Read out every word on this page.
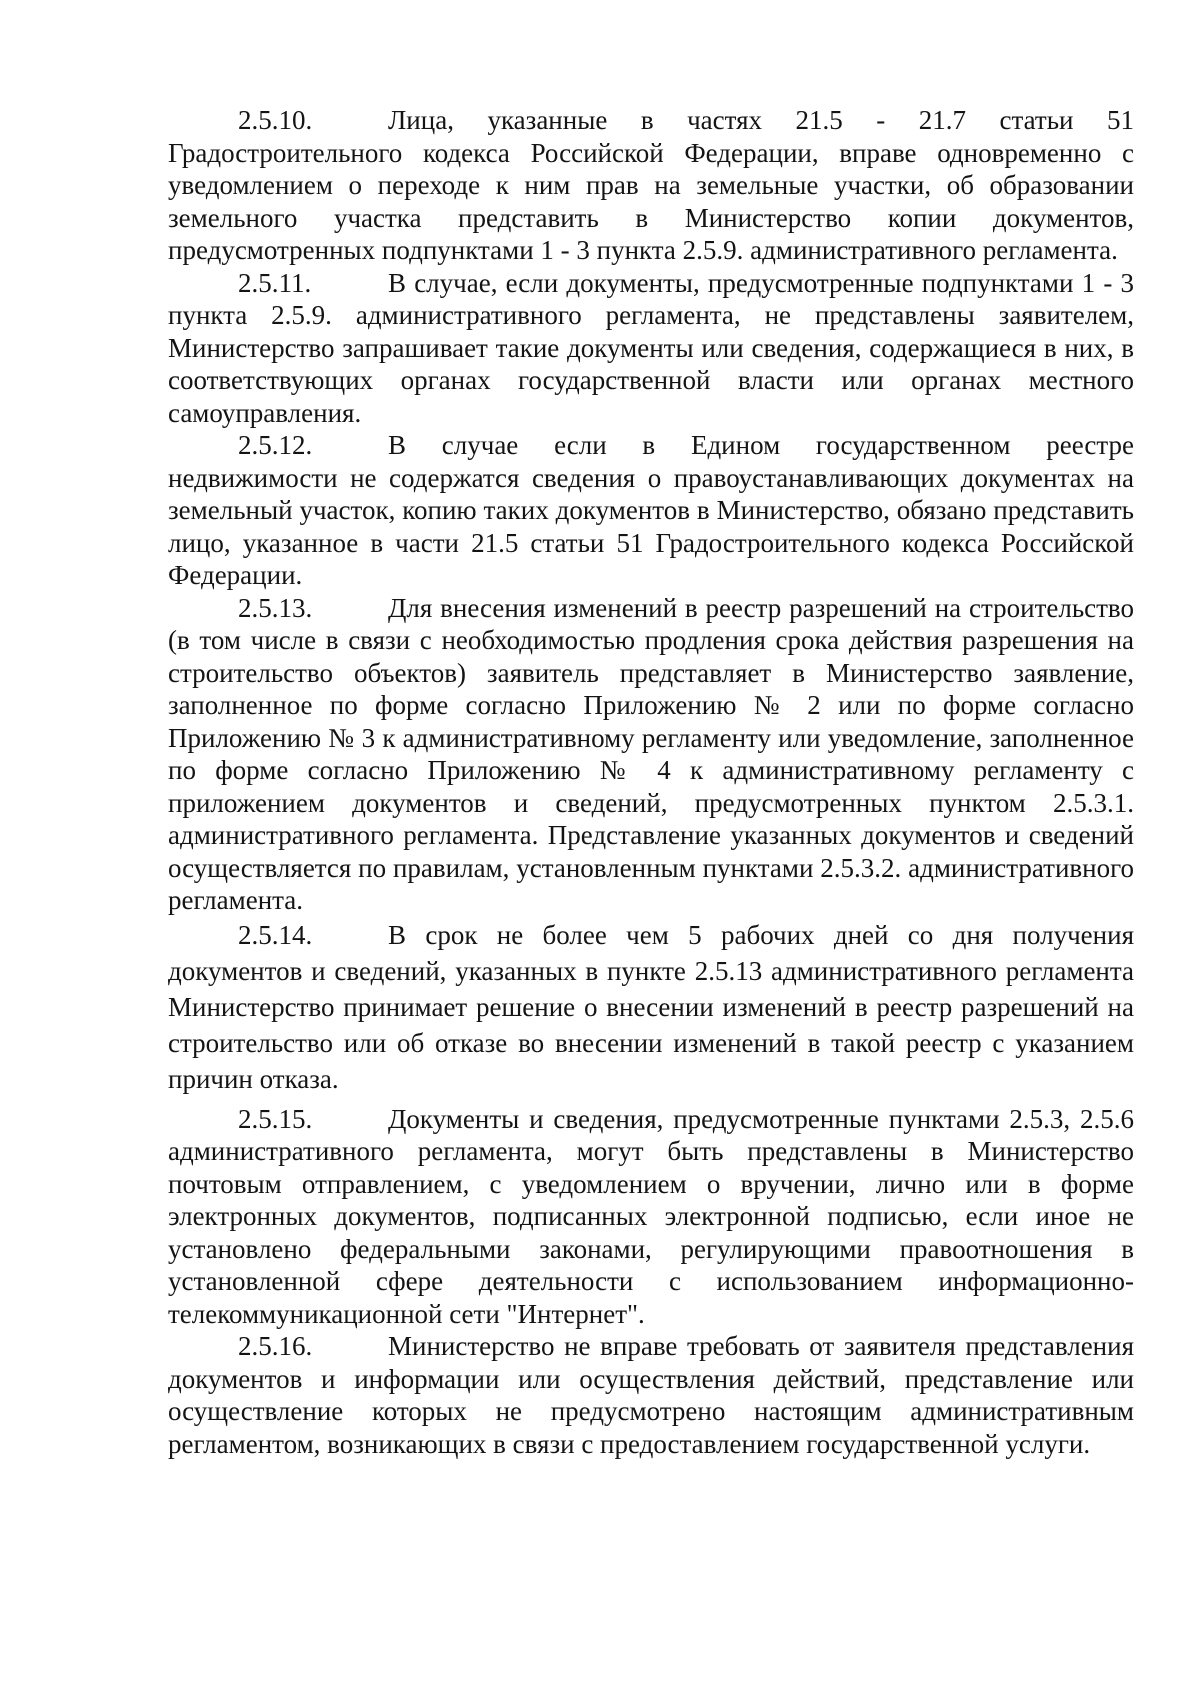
2.5.10.	Лица, указанные в частях 21.5 - 21.7 статьи 51 Градостроительного кодекса Российской Федерации, вправе одновременно с уведомлением о переходе к ним прав на земельные участки, об образовании земельного участка представить в Министерство копии документов, предусмотренных подпунктами 1 - 3 пункта 2.5.9. административного регламента.

2.5.11.	В случае, если документы, предусмотренные подпунктами 1 - 3 пункта 2.5.9. административного регламента, не представлены заявителем, Министерство запрашивает такие документы или сведения, содержащиеся в них, в соответствующих органах государственной власти или органах местного самоуправления.

2.5.12.	В случае если в Едином государственном реестре недвижимости не содержатся сведения о правоустанавливающих документах на земельный участок, копию таких документов в Министерство, обязано представить лицо, указанное в части 21.5 статьи 51 Градостроительного кодекса Российской Федерации.

2.5.13.	Для внесения изменений в реестр разрешений на строительство (в том числе в связи с необходимостью продления срока действия разрешения на строительство объектов) заявитель представляет в Министерство заявление, заполненное по форме согласно Приложению № 2 или по форме согласно Приложению № 3 к административному регламенту или уведомление, заполненное по форме согласно Приложению № 4 к административному регламенту с приложением документов и сведений, предусмотренных пунктом 2.5.3.1. административного регламента. Представление указанных документов и сведений осуществляется по правилам, установленным пунктами 2.5.3.2. административного регламента.

2.5.14.	В срок не более чем 5 рабочих дней со дня получения документов и сведений, указанных в пункте 2.5.13 административного регламента Министерство принимает решение о внесении изменений в реестр разрешений на строительство или об отказе во внесении изменений в такой реестр с указанием причин отказа.

2.5.15.	Документы и сведения, предусмотренные пунктами 2.5.3, 2.5.6 административного регламента, могут быть представлены в Министерство почтовым отправлением, с уведомлением о вручении, лично или в форме электронных документов, подписанных электронной подписью, если иное не установлено федеральными законами, регулирующими правоотношения в установленной сфере деятельности с использованием информационно-телекоммуникационной сети "Интернет".

2.5.16.	Министерство не вправе требовать от заявителя представления документов и информации или осуществления действий, представление или осуществление которых не предусмотрено настоящим административным регламентом, возникающих в связи с предоставлением государственной услуги.
